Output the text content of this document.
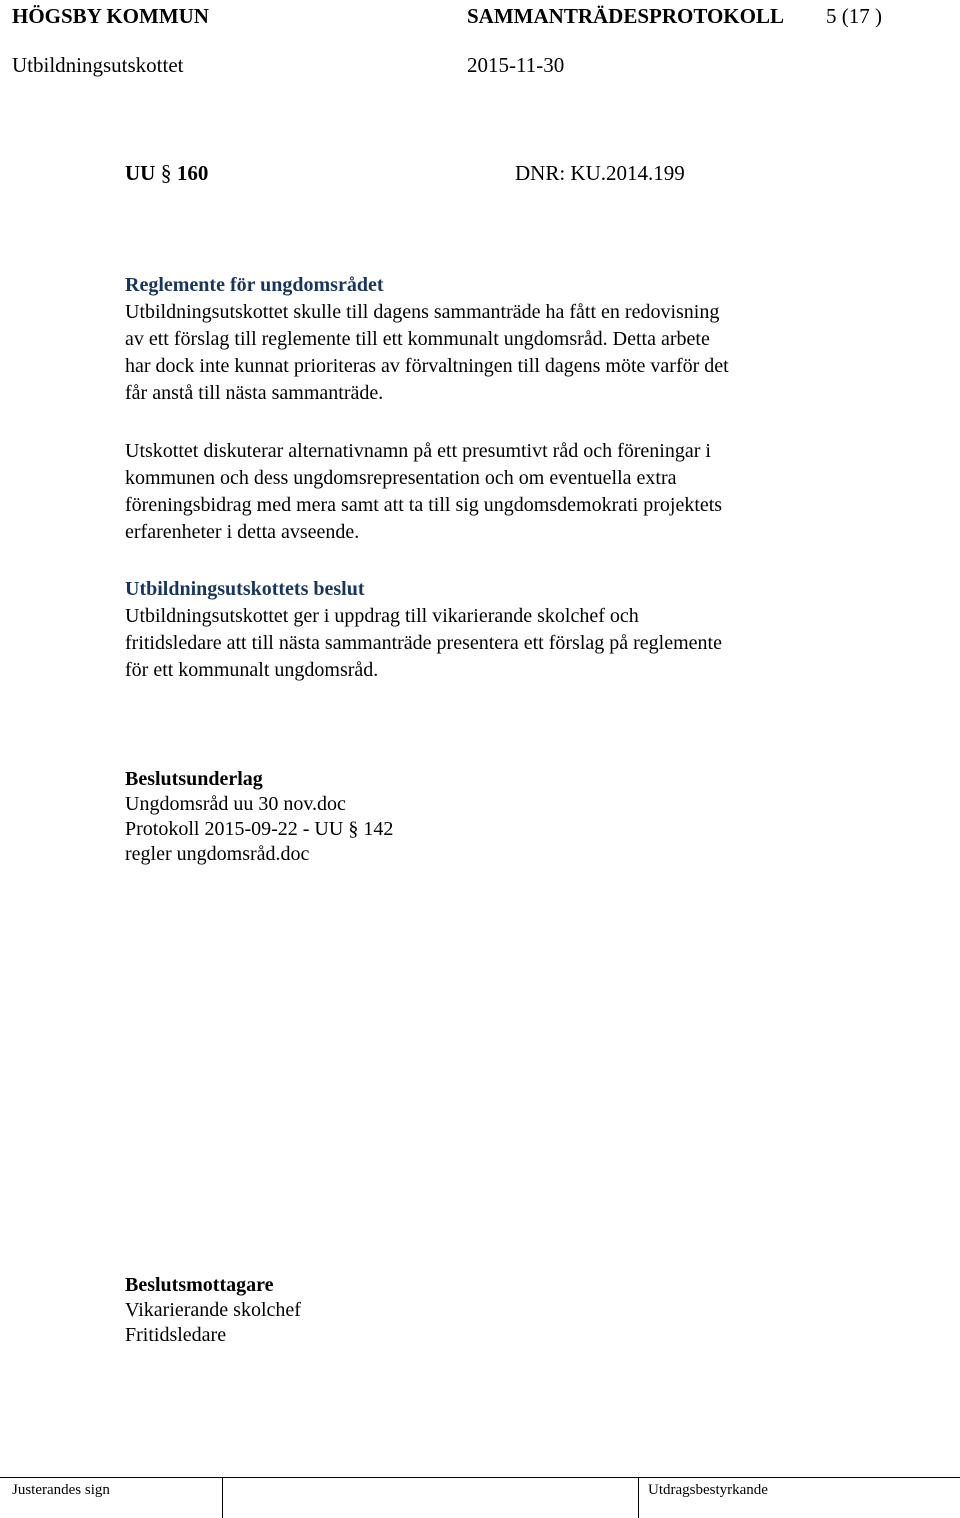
HÖGSBY KOMMUN	SAMMANTRÄDESPROTOKOLL 5 (17 )
Utbildningsutskottet	2015-11-30
UU § 160	DNR: KU.2014.199
Reglemente för ungdomsrådet
Utbildningsutskottet skulle till dagens sammanträde ha fått en redovisning
av ett förslag till reglemente till ett kommunalt ungdomsråd. Detta arbete
har dock inte kunnat prioriteras av förvaltningen till dagens möte varför det
får anstå till nästa sammanträde.
Utskottet diskuterar alternativnamn på ett presumtivt råd och föreningar i
kommunen och dess ungdomsrepresentation och om eventuella extra
föreningsbidrag med mera samt att ta till sig ungdomsdemokrati projektets
erfarenheter i detta avseende.
Utbildningsutskottets beslut
Utbildningsutskottet ger i uppdrag till vikarierande skolchef och
fritidsledare att till nästa sammanträde presentera ett förslag på reglemente
för ett kommunalt ungdomsråd.
Beslutsunderlag
Ungdomsråd uu 30 nov.doc
Protokoll 2015-09-22 - UU § 142
regler ungdomsråd.doc
Beslutsmottagare
Vikarierande skolchef
Fritidsledare
Justerandes sign	Utdragsbestyrkande
